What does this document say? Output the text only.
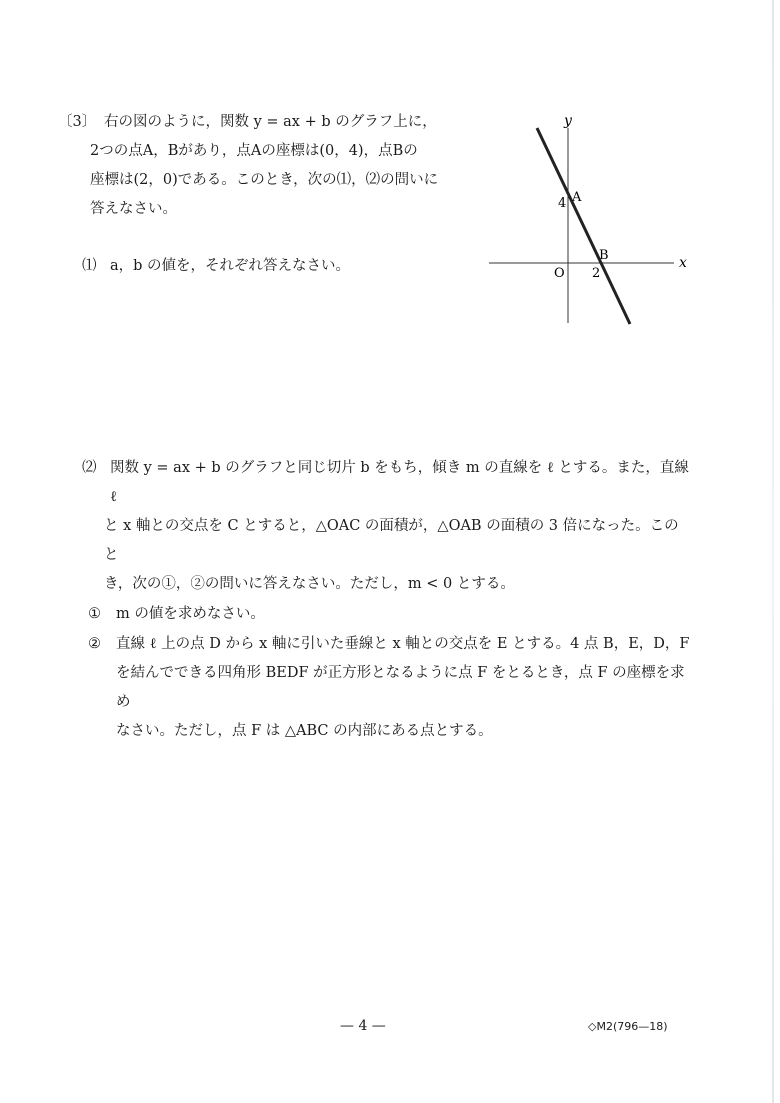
〔3〕 右の図のように，関数 y = ax + b のグラフ上に，
2つの点A，Bがあり，点Aの座標は(0，4)，点Bの
座標は(2，0)である。このとき，次の⑴，⑵の問いに
答えなさい。
⑴ a，b の値を，それぞれ答えなさい。
y
x
O
A
B
4
2
⑵ 関数 y = ax + b のグラフと同じ切片 b をもち，傾き m の直線を ℓ とする。また，直線 ℓ
と x 軸との交点を C とすると，△OAC の面積が，△OAB の面積の 3 倍になった。このと
き，次の①，②の問いに答えなさい。ただし，m < 0 とする。
①	m の値を求めなさい。
②	直線 ℓ 上の点 D から x 軸に引いた垂線と x 軸との交点を E とする。4 点 B，E，D，F
を結んでできる四角形 BEDF が正方形となるように点 F をとるとき，点 F の座標を求め
なさい。ただし，点 F は △ABC の内部にある点とする。
— 4 —	◇M2(796—18)
